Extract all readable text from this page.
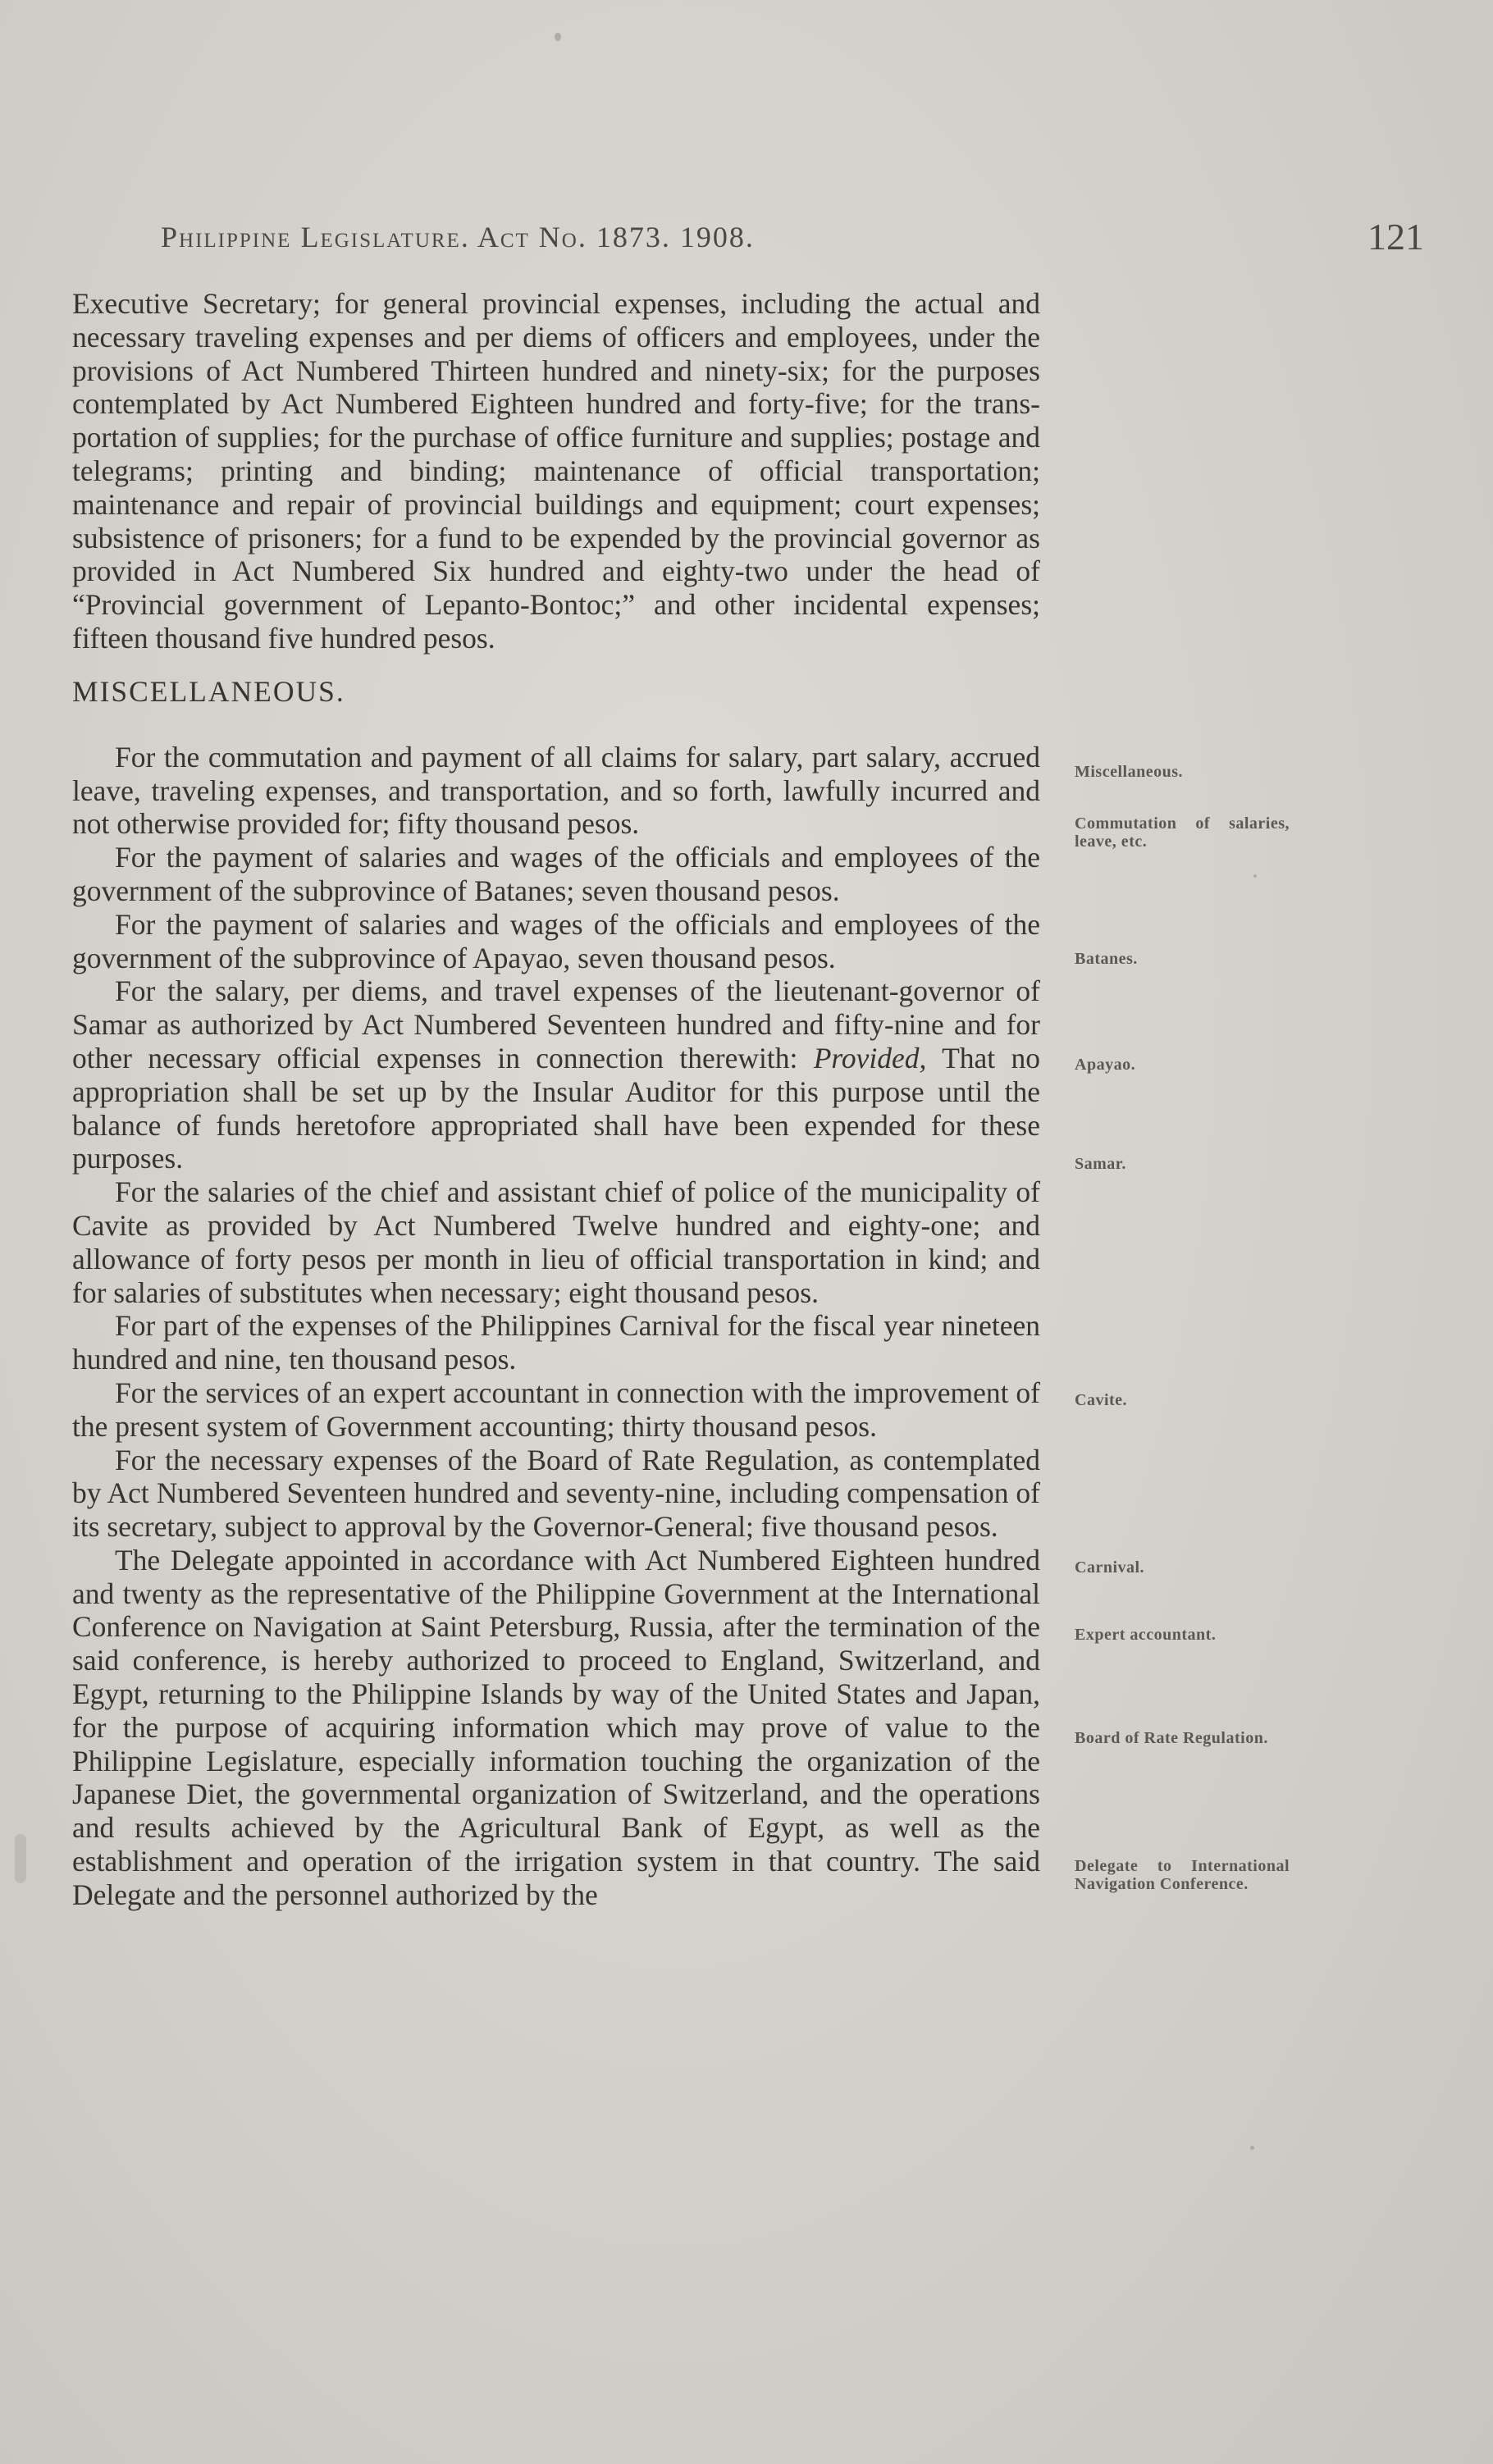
Philippine Legislature. Act No. 1873. 1908.	121

Executive Secretary; for general provincial expenses, including the actual and necessary traveling expenses and per diems of officers and employees, under the provisions of Act Numbered Thirteen hundred and ninety-six; for the purposes contemplated by Act Numbered Eighteen hundred and forty-five; for the transportation of supplies; for the purchase of office furniture and supplies; postage and telegrams; printing and binding; maintenance of official transportation; maintenance and repair of provincial buildings and equipment; court expenses; subsistence of prisoners; for a fund to be expended by the provincial governor as provided in Act Numbered Six hundred and eighty-two under the head of “Provincial government of Lepanto-Bontoc;” and other incidental expenses; fifteen thousand five hundred pesos.

MISCELLANEOUS.

For the commutation and payment of all claims for salary, part salary, accrued leave, traveling expenses, and transportation, and so forth, lawfully incurred and not otherwise provided for; fifty thousand pesos.

For the payment of salaries and wages of the officials and employees of the government of the subprovince of Batanes; seven thousand pesos.

For the payment of salaries and wages of the officials and employees of the government of the subprovince of Apayao, seven thousand pesos.

For the salary, per diems, and travel expenses of the lieutenant-governor of Samar as authorized by Act Numbered Seventeen hundred and fifty-nine and for other necessary official expenses in connection therewith: Provided, That no appropriation shall be set up by the Insular Auditor for this purpose until the balance of funds heretofore appropriated shall have been expended for these purposes.

For the salaries of the chief and assistant chief of police of the municipality of Cavite as provided by Act Numbered Twelve hundred and eighty-one; and allowance of forty pesos per month in lieu of official transportation in kind; and for salaries of substitutes when necessary; eight thousand pesos.

For part of the expenses of the Philippines Carnival for the fiscal year nineteen hundred and nine, ten thousand pesos.

For the services of an expert accountant in connection with the improvement of the present system of Government accounting; thirty thousand pesos.

For the necessary expenses of the Board of Rate Regulation, as contemplated by Act Numbered Seventeen hundred and seventy-nine, including compensation of its secretary, subject to approval by the Governor-General; five thousand pesos.

The Delegate appointed in accordance with Act Numbered Eighteen hundred and twenty as the representative of the Philippine Government at the International Conference on Navigation at Saint Petersburg, Russia, after the termination of the said conference, is hereby authorized to proceed to England, Switzerland, and Egypt, returning to the Philippine Islands by way of the United States and Japan, for the purpose of acquiring information which may prove of value to the Philippine Legislature, especially information touching the organization of the Japanese Diet, the governmental organization of Switzerland, and the operations and results achieved by the Agricultural Bank of Egypt, as well as the establishment and operation of the irrigation system in that country. The said Delegate and the personnel authorized by the

Miscellaneous.
Commutation of salaries, leave, etc.
Batanes.
Apayao.
Samar.
Cavite.
Carnival.
Expert accountant.
Board of Rate Regulation.
Delegate to International Navigation Conference.
